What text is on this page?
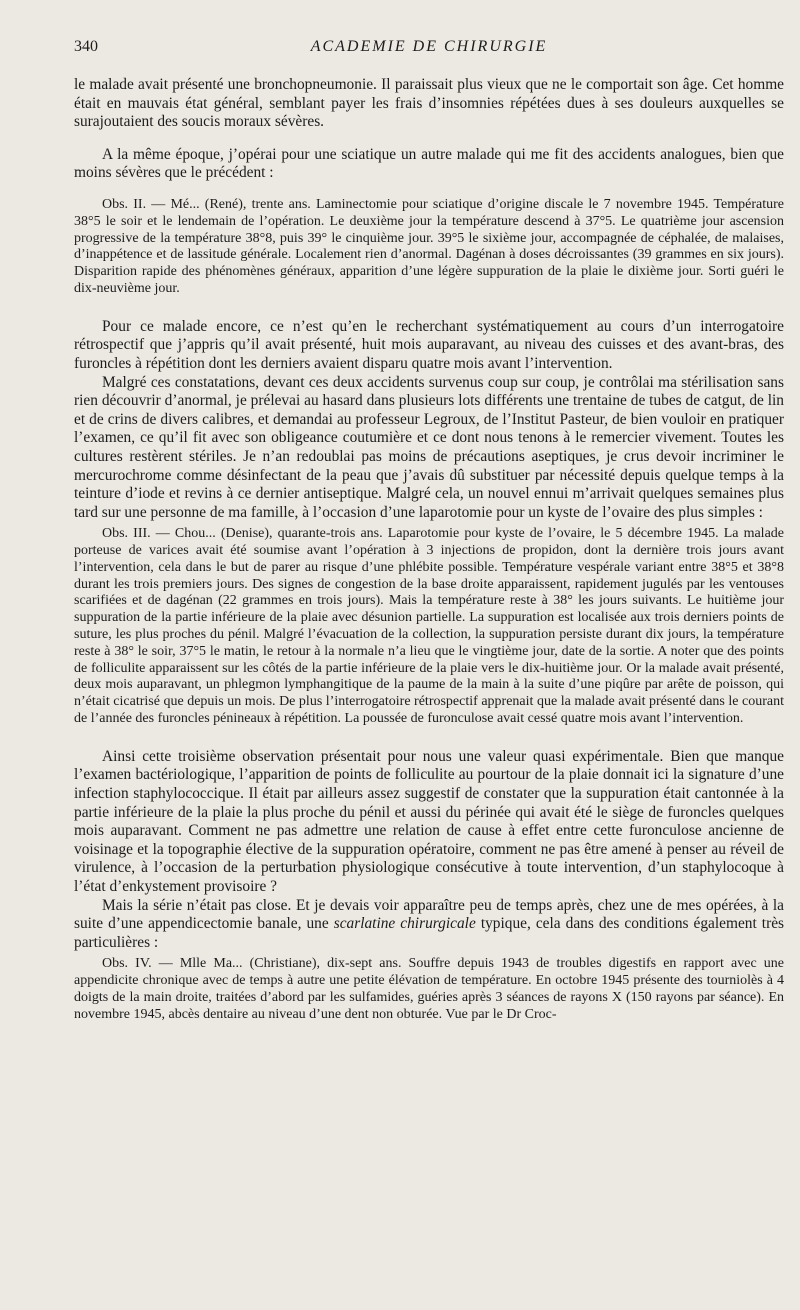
340	ACADEMIE DE CHIRURGIE

le malade avait présenté une bronchopneumonie. Il paraissait plus vieux que ne le comportait son âge. Cet homme était en mauvais état général, semblant payer les frais d’insomnies répétées dues à ses douleurs auxquelles se surajoutaient des soucis moraux sévères.

A la même époque, j’opérai pour une sciatique un autre malade qui me fit des accidents analogues, bien que moins sévères que le précédent :

Obs. II. — Mé... (René), trente ans. Laminectomie pour sciatique d’origine discale le 7 novembre 1945. Température 38°5 le soir et le lendemain de l’opération. Le deuxième jour la température descend à 37°5. Le quatrième jour ascension progressive de la température 38°8, puis 39° le cinquième jour. 39°5 le sixième jour, accompagnée de céphalée, de malaises, d’inappétence et de lassitude générale. Localement rien d’anormal. Dagénan à doses décroissantes (39 grammes en six jours). Disparition rapide des phénomènes généraux, apparition d’une légère suppuration de la plaie le dixième jour. Sorti guéri le dix-neuvième jour.

Pour ce malade encore, ce n’est qu’en le recherchant systématiquement au cours d’un interrogatoire rétrospectif que j’appris qu’il avait présenté, huit mois auparavant, au niveau des cuisses et des avant-bras, des furoncles à répétition dont les derniers avaient disparu quatre mois avant l’intervention.

Malgré ces constatations, devant ces deux accidents survenus coup sur coup, je contrôlai ma stérilisation sans rien découvrir d’anormal, je prélevai au hasard dans plusieurs lots différents une trentaine de tubes de catgut, de lin et de crins de divers calibres, et demandai au professeur Legroux, de l’Institut Pasteur, de bien vouloir en pratiquer l’examen, ce qu’il fit avec son obligeance coutumière et ce dont nous tenons à le remercier vivement. Toutes les cultures restèrent stériles. Je n’an redoublai pas moins de précautions aseptiques, je crus devoir incriminer le mercurochrome comme désinfectant de la peau que j’avais dû substituer par nécessité depuis quelque temps à la teinture d’iode et revins à ce dernier antiseptique. Malgré cela, un nouvel ennui m’arrivait quelques semaines plus tard sur une personne de ma famille, à l’occasion d’une laparotomie pour un kyste de l’ovaire des plus simples :

Obs. III. — Chou... (Denise), quarante-trois ans. Laparotomie pour kyste de l’ovaire, le 5 décembre 1945. La malade porteuse de varices avait été soumise avant l’opération à 3 injections de propidon, dont la dernière trois jours avant l’intervention, cela dans le but de parer au risque d’une phlébite possible. Température vespérale variant entre 38°5 et 38°8 durant les trois premiers jours. Des signes de congestion de la base droite apparaissent, rapidement jugulés par les ventouses scarifiées et de dagénan (22 grammes en trois jours). Mais la température reste à 38° les jours suivants. Le huitième jour suppuration de la partie inférieure de la plaie avec désunion partielle. La suppuration est localisée aux trois derniers points de suture, les plus proches du pénil. Malgré l’évacuation de la collection, la suppuration persiste durant dix jours, la température reste à 38° le soir, 37°5 le matin, le retour à la normale n’a lieu que le vingtième jour, date de la sortie. A noter que des points de folliculite apparaissent sur les côtés de la partie inférieure de la plaie vers le dix-huitième jour. Or la malade avait présenté, deux mois auparavant, un phlegmon lymphangitique de la paume de la main à la suite d’une piqûre par arête de poisson, qui n’était cicatrisé que depuis un mois. De plus l’interrogatoire rétrospectif apprenait que la malade avait présenté dans le courant de l’année des furoncles pénineaux à répétition. La poussée de furonculose avait cessé quatre mois avant l’intervention.

Ainsi cette troisième observation présentait pour nous une valeur quasi expérimentale. Bien que manque l’examen bactériologique, l’apparition de points de folliculite au pourtour de la plaie donnait ici la signature d’une infection staphylococcique. Il était par ailleurs assez suggestif de constater que la suppuration était cantonnée à la partie inférieure de la plaie la plus proche du pénil et aussi du périnée qui avait été le siège de furoncles quelques mois auparavant. Comment ne pas admettre une relation de cause à effet entre cette furonculose ancienne de voisinage et la topographie élective de la suppuration opératoire, comment ne pas être amené à penser au réveil de virulence, à l’occasion de la perturbation physiologique consécutive à toute intervention, d’un staphylocoque à l’état d’enkystement provisoire ?

Mais la série n’était pas close. Et je devais voir apparaître peu de temps après, chez une de mes opérées, à la suite d’une appendicectomie banale, une scarlatine chirurgicale typique, cela dans des conditions également très particulières :

Obs. IV. — Mlle Ma... (Christiane), dix-sept ans. Souffre depuis 1943 de troubles digestifs en rapport avec une appendicite chronique avec de temps à autre une petite élévation de température. En octobre 1945 présente des tourniolès à 4 doigts de la main droite, traitées d’abord par les sulfamides, guéries après 3 séances de rayons X (150 rayons par séance). En novembre 1945, abcès dentaire au niveau d’une dent non obturée. Vue par le Dr Croc-
